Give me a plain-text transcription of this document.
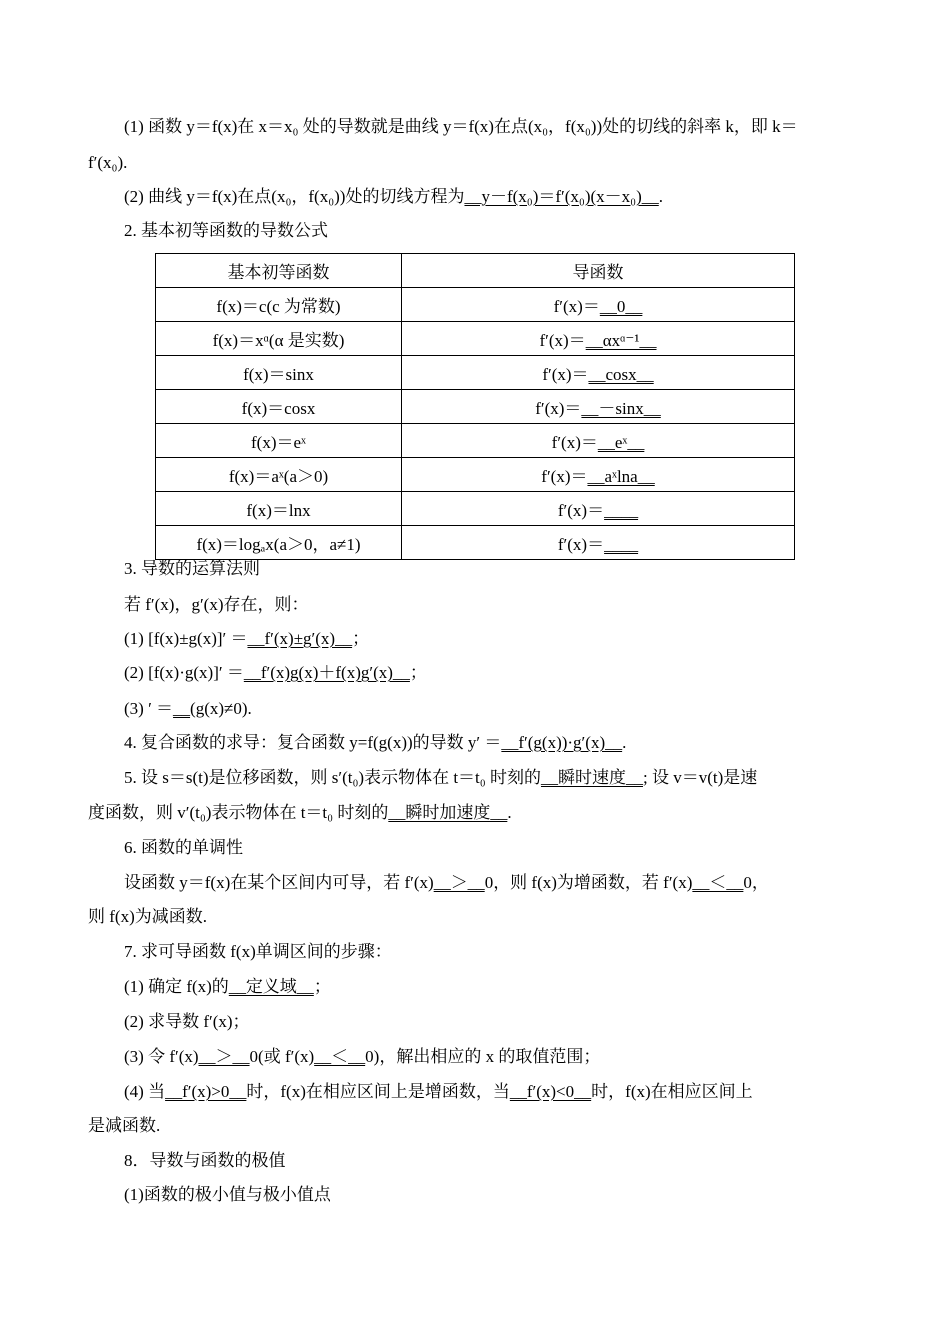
(1) 函数 y＝f(x)在 x＝x₀ 处的导数就是曲线 y＝f(x)在点(x₀，f(x₀))处的切线的斜率 k，即 k＝
f′(x₀).
(2) 曲线 y＝f(x)在点(x₀，f(x₀))处的切线方程为__y－f(x₀)＝f′(x₀)(x－x₀)__.
2. 基本初等函数的导数公式
基本初等函数	导函数
f(x)＝c(c 为常数)	f′(x)＝__0__
f(x)＝xᵅ(α 是实数)	f′(x)＝__αxᵅ⁻¹__
f(x)＝sinx	f′(x)＝__cosx__
f(x)＝cosx	f′(x)＝__－sinx__
f(x)＝eˣ	f′(x)＝__eˣ__
f(x)＝aˣ(a＞0)	f′(x)＝__aˣlna__
f(x)＝lnx	f′(x)＝____
f(x)＝logₐx(a＞0，a≠1)	f′(x)＝____
3. 导数的运算法则
若 f′(x)，g′(x)存在，则：
(1) [f(x)±g(x)]′ ＝__f′(x)±g′(x)__；
(2) [f(x)·g(x)]′ ＝__f′(x)g(x)＋f(x)g′(x)__；
(3) ′ ＝__(g(x)≠0).
4. 复合函数的求导：复合函数 y=f(g(x))的导数 y′ ＝__f′(g(x))·g′(x)__.
5. 设 s＝s(t)是位移函数，则 s′(t₀)表示物体在 t＝t₀ 时刻的__瞬时速度__; 设 v＝v(t)是速
度函数，则 v′(t₀)表示物体在 t＝t₀ 时刻的__瞬时加速度__.
6. 函数的单调性
设函数 y＝f(x)在某个区间内可导，若 f′(x)__＞__0，则 f(x)为增函数，若 f′(x)__＜__0，
则 f(x)为减函数.
7. 求可导函数 f(x)单调区间的步骤：
(1) 确定 f(x)的__定义域__；
(2) 求导数 f′(x)；
(3) 令 f′(x)__＞__0(或 f′(x)__＜__0)，解出相应的 x 的取值范围；
(4) 当__f′(x)>0__时，f(x)在相应区间上是增函数，当__f′(x)<0__时，f(x)在相应区间上
是减函数.
8．导数与函数的极值
(1)函数的极小值与极小值点
